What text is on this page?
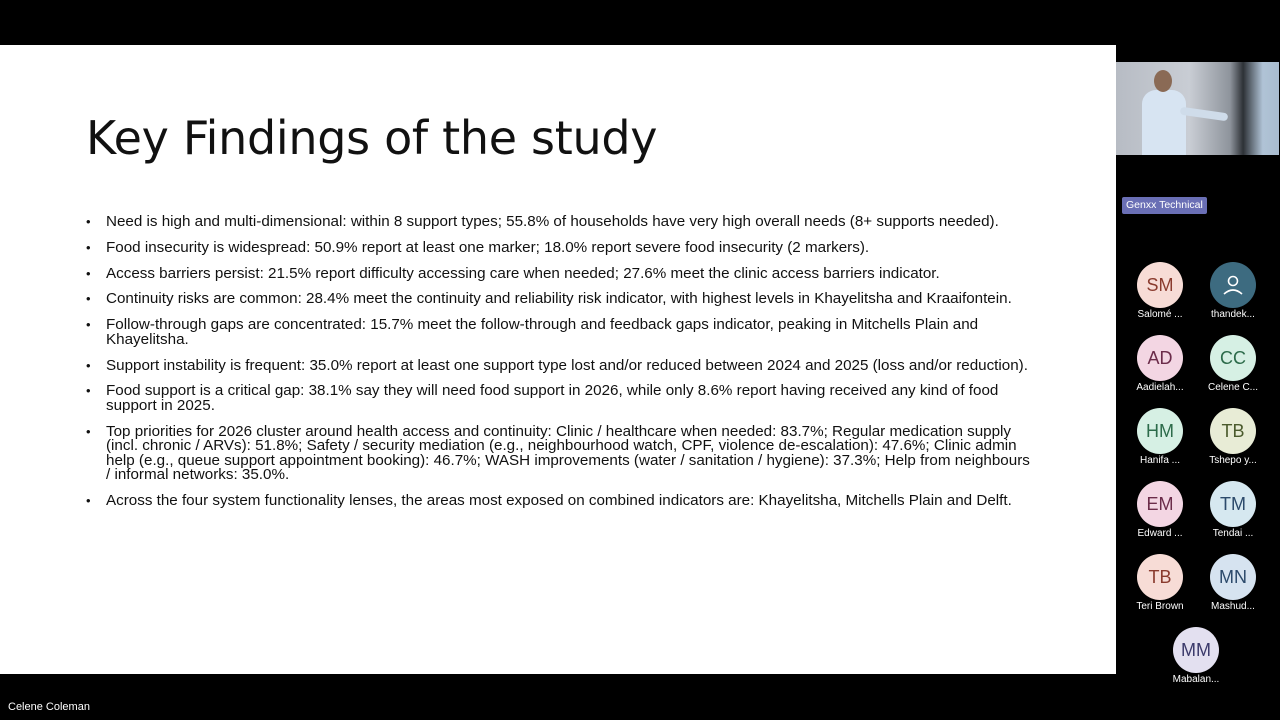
Key Findings of the study
• Need is high and multi-dimensional: within 8 support types; 55.8% of households have very high overall needs (8+ supports needed).
• Food insecurity is widespread: 50.9% report at least one marker; 18.0% report severe food insecurity (2 markers).
• Access barriers persist: 21.5% report difficulty accessing care when needed; 27.6% meet the clinic access barriers indicator.
• Continuity risks are common: 28.4% meet the continuity and reliability risk indicator, with highest levels in Khayelitsha and Kraaifontein.
• Follow-through gaps are concentrated: 15.7% meet the follow-through and feedback gaps indicator, peaking in Mitchells Plain and Khayelitsha.
• Support instability is frequent: 35.0% report at least one support type lost and/or reduced between 2024 and 2025 (loss and/or reduction).
• Food support is a critical gap: 38.1% say they will need food support in 2026, while only 8.6% report having received any kind of food support in 2025.
• Top priorities for 2026 cluster around health access and continuity: Clinic / healthcare when needed: 83.7%; Regular medication supply (incl. chronic / ARVs): 51.8%; Safety / security mediation (e.g., neighbourhood watch, CPF, violence de-escalation): 47.6%; Clinic admin help (e.g., queue support appointment booking): 46.7%; WASH improvements (water / sanitation / hygiene): 37.3%; Help from neighbours / informal networks: 35.0%.
• Across the four system functionality lenses, the areas most exposed on combined indicators are: Khayelitsha, Mitchells Plain and Delft.
Genxx Technical
SM
Salomé ...	thandek...
AD
Aadielah...
CC
Celene C...
HM
Hanifa ...
TB
Tshepo y...
EM
Edward ...
TM
Tendai ...
TB
Teri Brown
MN
Mashud...
MM
Mabalan...
Celene Coleman
